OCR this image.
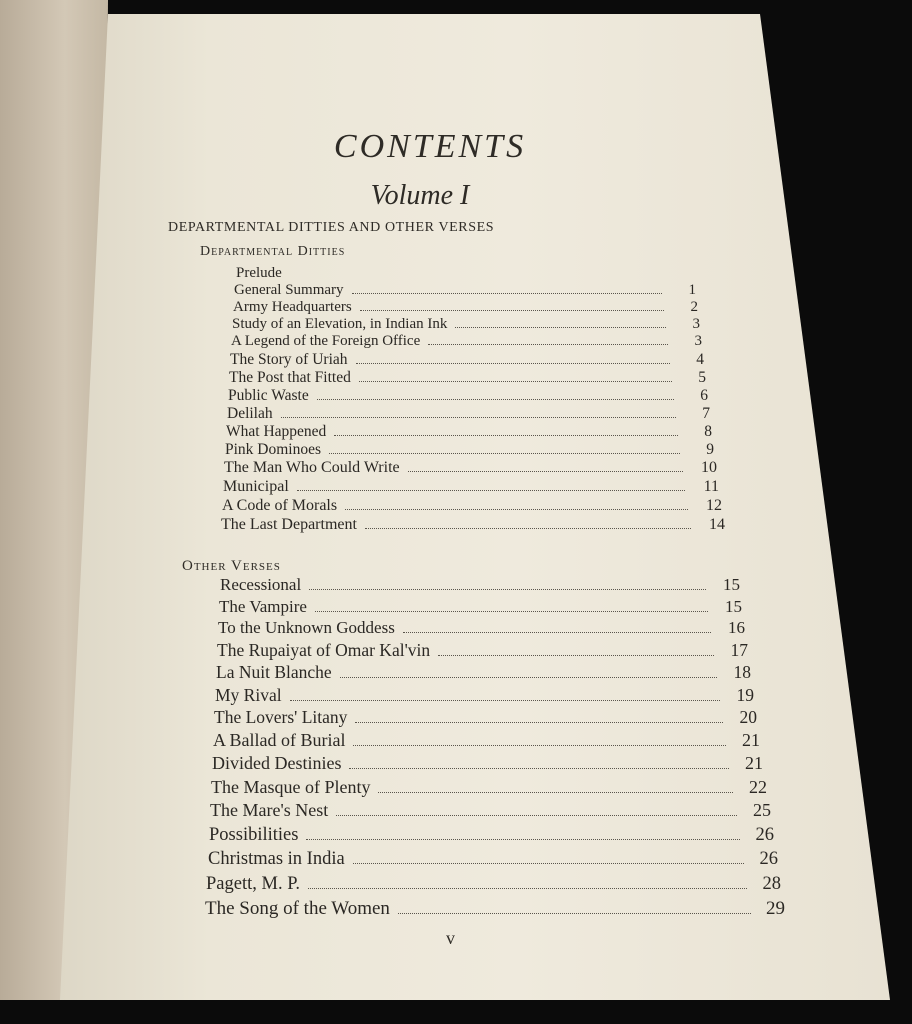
CONTENTS
Volume I
DEPARTMENTAL DITTIES AND OTHER VERSES
Departmental Ditties
Prelude
General Summary	1
Army Headquarters	2
Study of an Elevation, in Indian Ink	3
A Legend of the Foreign Office	3
The Story of Uriah	4
The Post that Fitted	5
Public Waste	6
Delilah	7
What Happened	8
Pink Dominoes	9
The Man Who Could Write	10
Municipal	11
A Code of Morals	12
The Last Department	14
Other Verses
Recessional	15
The Vampire	15
To the Unknown Goddess	16
The Rupaiyat of Omar Kal'vin	17
La Nuit Blanche	18
My Rival	19
The Lovers' Litany	20
A Ballad of Burial	21
Divided Destinies	21
The Masque of Plenty	22
The Mare's Nest	25
Possibilities	26
Christmas in India	26
Pagett, M. P.	28
The Song of the Women	29
v
